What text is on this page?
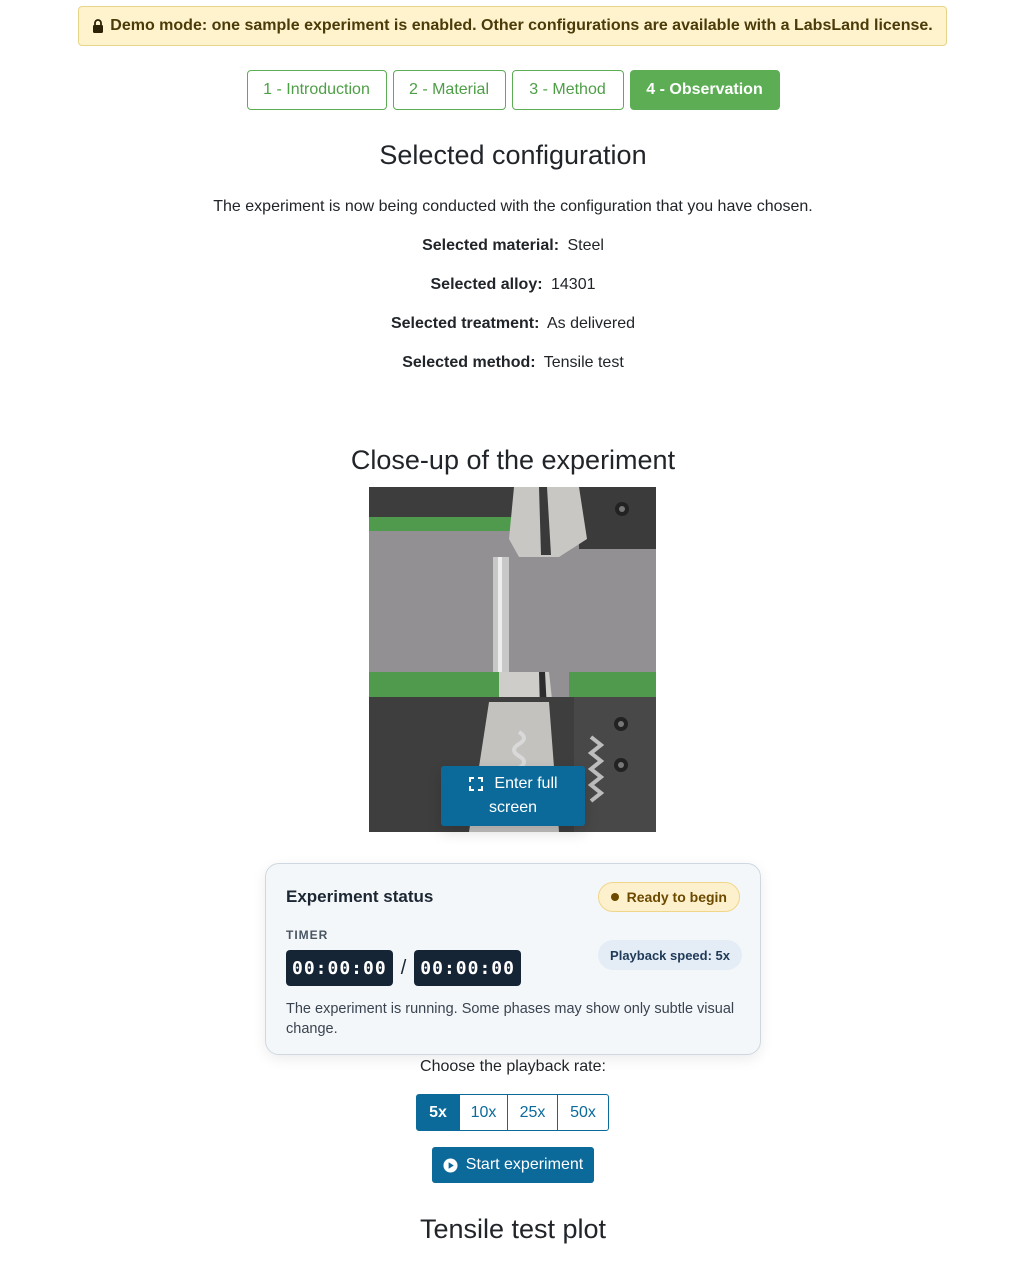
Demo mode: one sample experiment is enabled. Other configurations are available with a LabsLand license.
1 - Introduction	2 - Material	3 - Method	4 - Observation
Selected configuration
The experiment is now being conducted with the configuration that you have chosen.
Selected material: Steel
Selected alloy: 14301
Selected treatment: As delivered
Selected method: Tensile test
Close-up of the experiment
Enter full
screen
Experiment status	Ready to begin
TIMER
00:00:00 / 00:00:00
Playback speed: 5x
The experiment is running. Some phases may show only subtle visual change.
Choose the playback rate:
5x	10x	25x	50x
Start experiment
Tensile test plot
